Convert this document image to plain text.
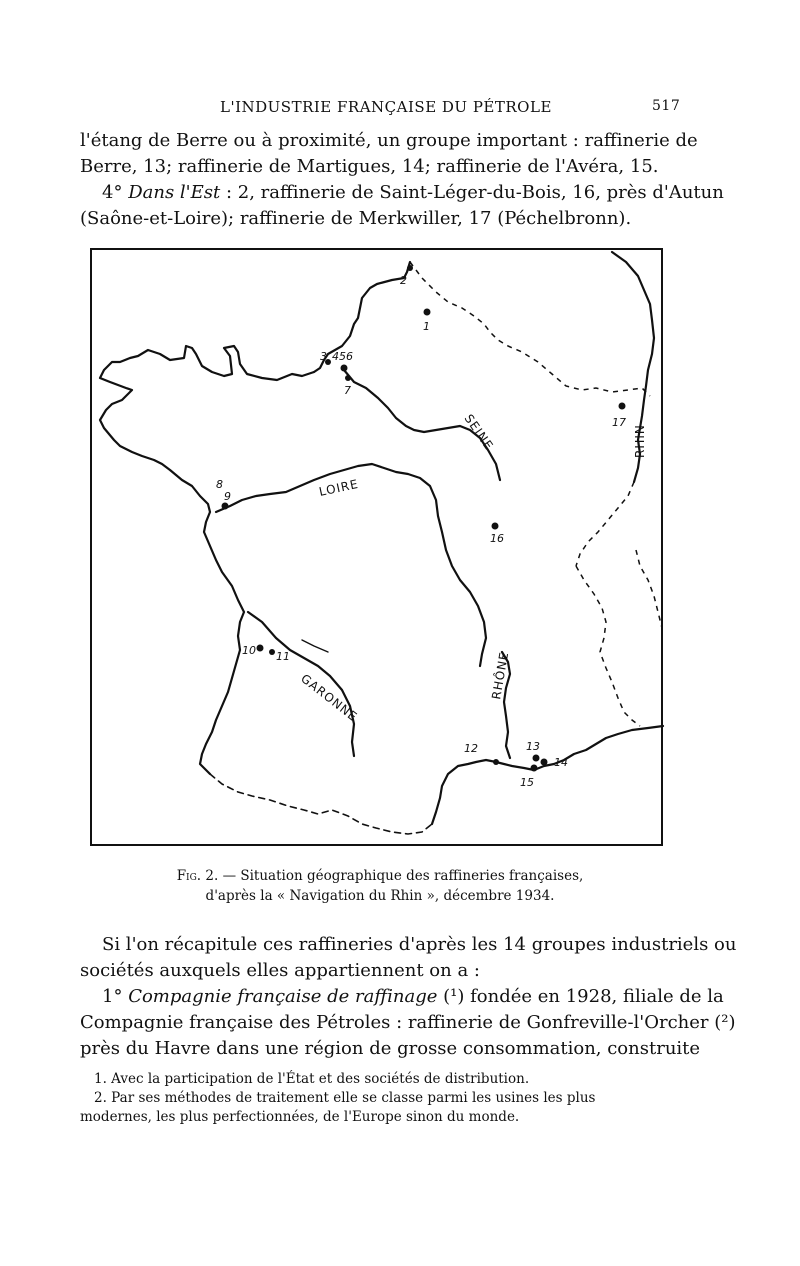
L'INDUSTRIE FRANÇAISE DU PÉTROLE	517
l'étang de Berre ou à proximité, un groupe important : raffinerie de
Berre, 13; raffinerie de Martigues, 14; raffinerie de l'Avéra, 15.
4° Dans l'Est : 2, raffinerie de Saint-Léger-du-Bois, 16, près d'Autun
(Saône-et-Loire); raffinerie de Merkwiller, 17 (Péchelbronn).
SEINE
LOIRE
GARONNE	RHÔNE
RHIN
1
2
3 456
7
8
9
10 11
12	13
14
15
16
17
Fig. 2. — Situation géographique des raffineries françaises,
d'après la « Navigation du Rhin », décembre 1934.
Si l'on récapitule ces raffineries d'après les 14 groupes industriels ou
sociétés auxquels elles appartiennent on a :
1° Compagnie française de raffinage (¹) fondée en 1928, filiale de la
Compagnie française des Pétroles : raffinerie de Gonfreville-l'Orcher (²)
près du Havre dans une région de grosse consommation, construite
1. Avec la participation de l'État et des sociétés de distribution.
2. Par ses méthodes de traitement elle se classe parmi les usines les plus
modernes, les plus perfectionnées, de l'Europe sinon du monde.
